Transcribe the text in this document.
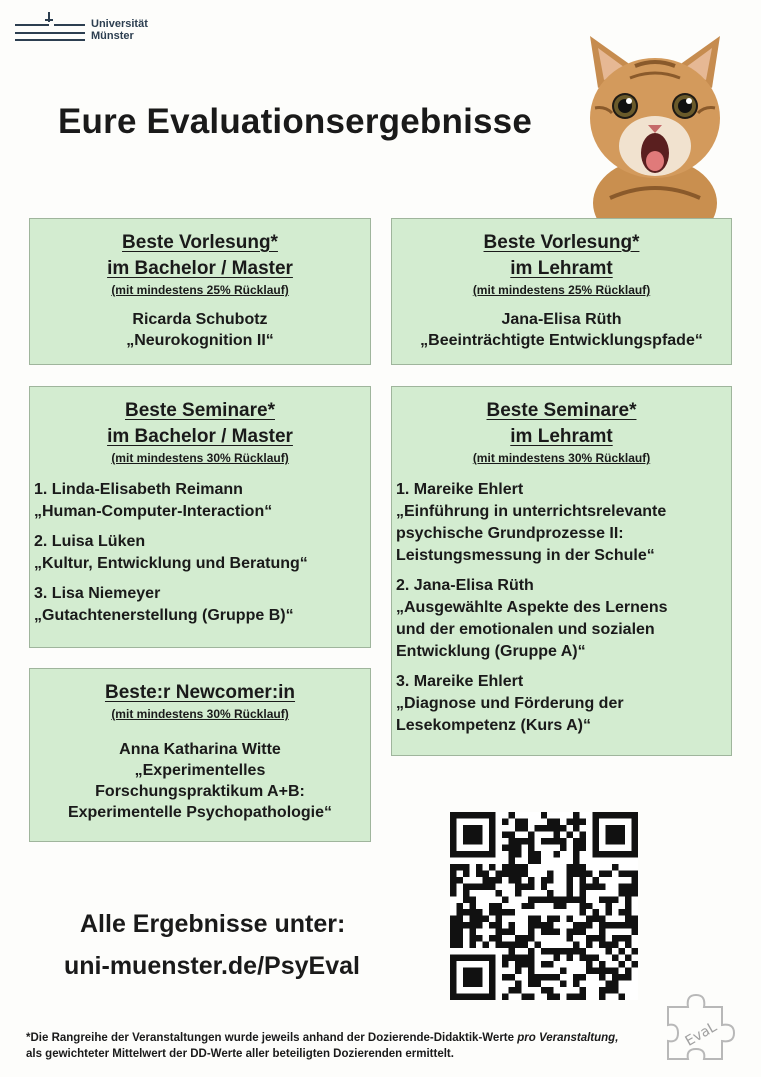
Universität
Münster
Eure Evaluationsergebnisse
Beste Vorlesung*
im Bachelor / Master
(mit mindestens 25% Rücklauf)
Ricarda Schubotz
„Neurokognition II“
Beste Vorlesung*
im Lehramt
(mit mindestens 25% Rücklauf)
Jana-Elisa Rüth
„Beeinträchtigte Entwicklungspfade“
Beste Seminare*
im Bachelor / Master
(mit mindestens 30% Rücklauf)
1. Linda-Elisabeth Reimann
„Human-Computer-Interaction“
2. Luisa Lüken
„Kultur, Entwicklung und Beratung“
3. Lisa Niemeyer
„Gutachtenerstellung (Gruppe B)“
Beste Seminare*
im Lehramt
(mit mindestens 30% Rücklauf)
1. Mareike Ehlert
„Einführung in unterrichtsrelevante
psychische Grundprozesse II:
Leistungsmessung in der Schule“
2. Jana-Elisa Rüth
„Ausgewählte Aspekte des Lernens
und der emotionalen und sozialen
Entwicklung (Gruppe A)“
3. Mareike Ehlert
„Diagnose und Förderung der
Lesekompetenz (Kurs A)“
Beste:r Newcomer:in
(mit mindestens 30% Rücklauf)
Anna Katharina Witte
„Experimentelles
Forschungspraktikum A+B:
Experimentelle Psychopathologie“
Alle Ergebnisse unter:
uni-muenster.de/PsyEval
EvaL
*Die Rangreihe der Veranstaltungen wurde jeweils anhand der Dozierende-Didaktik-Werte pro Veranstaltung, als gewichteter Mittelwert der DD-Werte aller beteiligten Dozierenden ermittelt.
